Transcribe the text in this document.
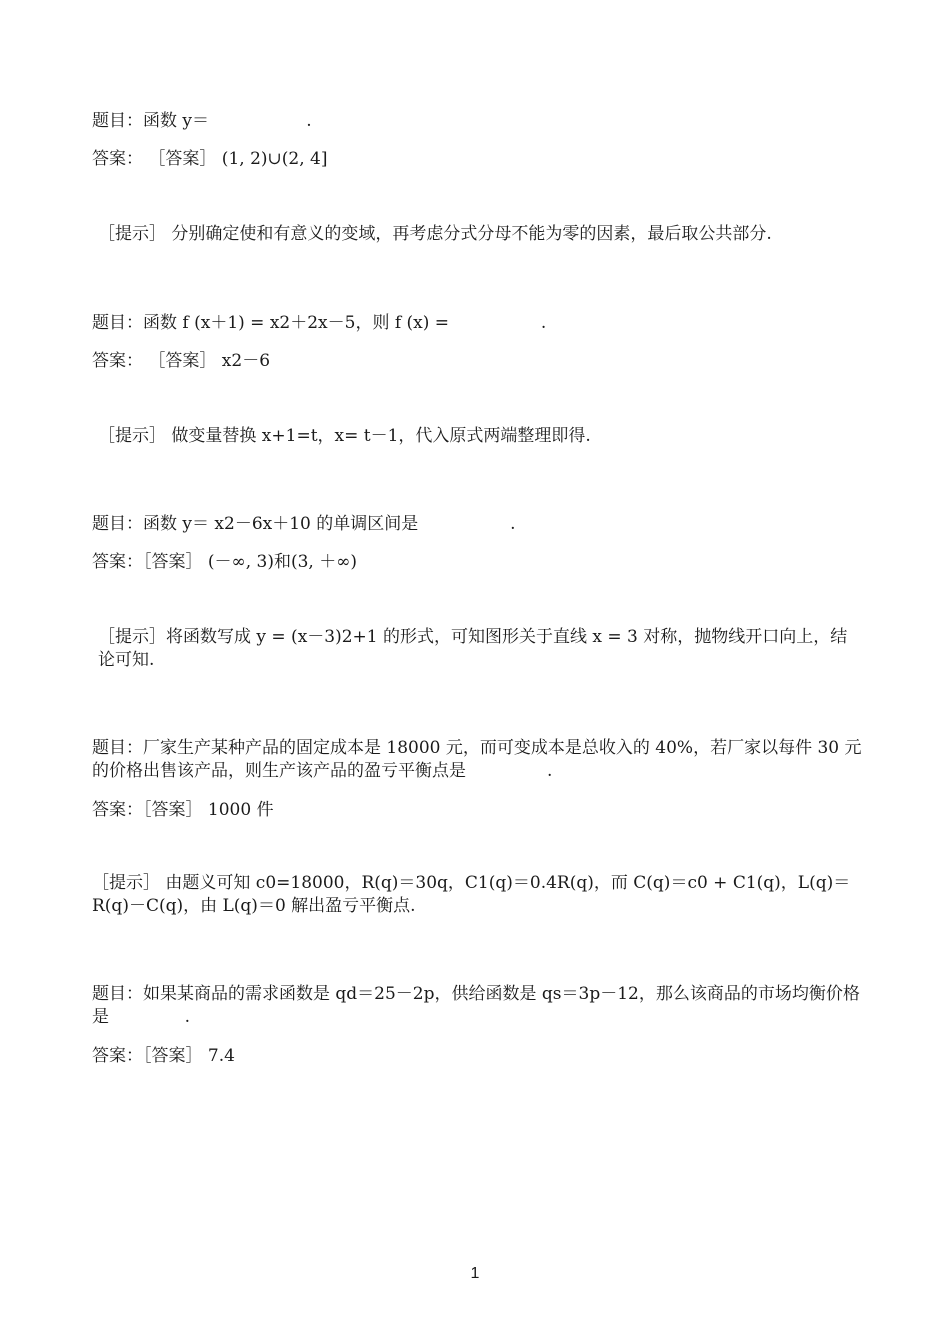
题目：函数 y＝                  .

答案： ［答案］ (1, 2)∪(2, 4]

［提示］ 分别确定使和有意义的变域，再考虑分式分母不能为零的因素，最后取公共部分.

题目：函数 f (x＋1) = x2＋2x－5，则 f (x) =                 .

答案： ［答案］ x2－6

［提示］ 做变量替换 x+1=t，x= t－1，代入原式两端整理即得.

题目：函数 y＝ x2－6x＋10 的单调区间是                 .

答案：［答案］ (－∞, 3)和(3, ＋∞)

［提示］将函数写成 y = (x－3)2+1 的形式，可知图形关于直线 x = 3 对称，抛物线开口向上，结论可知.

题目：厂家生产某种产品的固定成本是 18000 元，而可变成本是总收入的 40%，若厂家以每件 30 元的价格出售该产品，则生产该产品的盈亏平衡点是               .

答案：［答案］ 1000 件

［提示］ 由题义可知 c0=18000，R(q)＝30q，C1(q)＝0.4R(q)，而 C(q)＝c0 + C1(q)，L(q)＝R(q)－C(q)，由 L(q)＝0 解出盈亏平衡点.

题目：如果某商品的需求函数是 qd＝25－2p，供给函数是 qs＝3p－12，那么该商品的市场均衡价格是              .

答案：［答案］ 7.4

1
